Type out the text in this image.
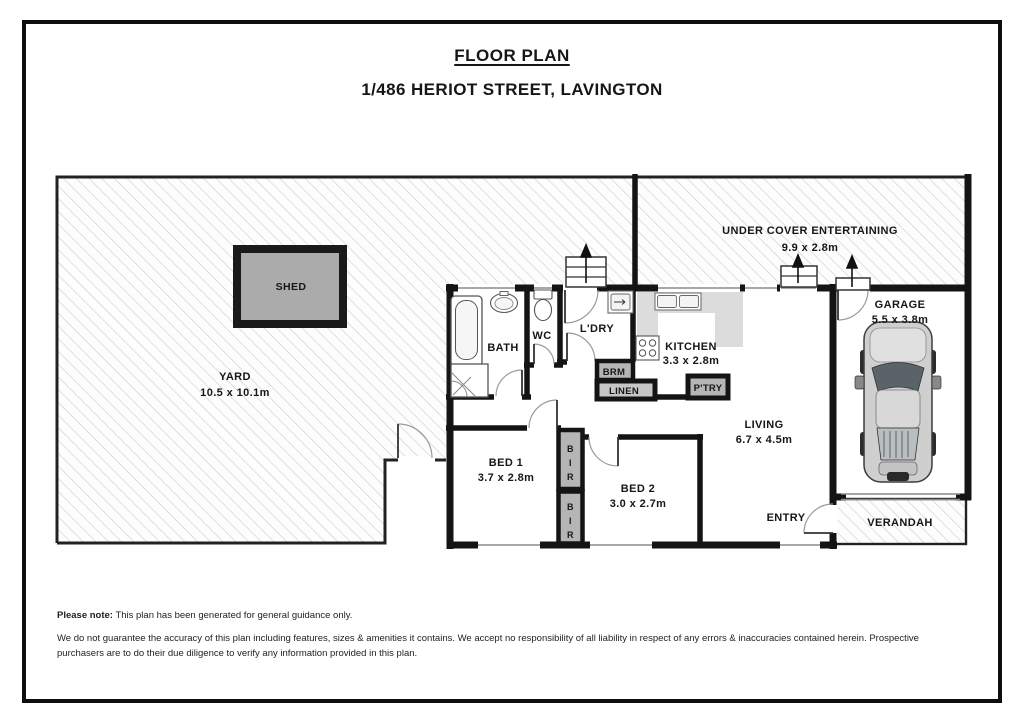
FLOOR PLAN
1/486 HERIOT STREET, LAVINGTON
YARD
10.5 x 10.1m
SHED
UNDER COVER ENTERTAINING
9.9 x 2.8m
BATH
WC
L'DRY
KITCHEN
3.3 x 2.8m
BRM
LINEN	P'TRY
LIVING
6.7 x 4.5m
ENTRY
GARAGE
5.5 x 3.8m
VERANDAH
BED 1
3.7 x 2.8m
BED 2
3.0 x 2.7m
B
I
R
B
I
R
Please note: This plan has been generated for general guidance only.
We do not guarantee the accuracy of this plan including features, sizes & amenities it contains. We accept no responsibility of all liability in respect of any errors & inaccuracies contained herein. Prospective purchasers are to do their due diligence to verify any information provided in this plan.
